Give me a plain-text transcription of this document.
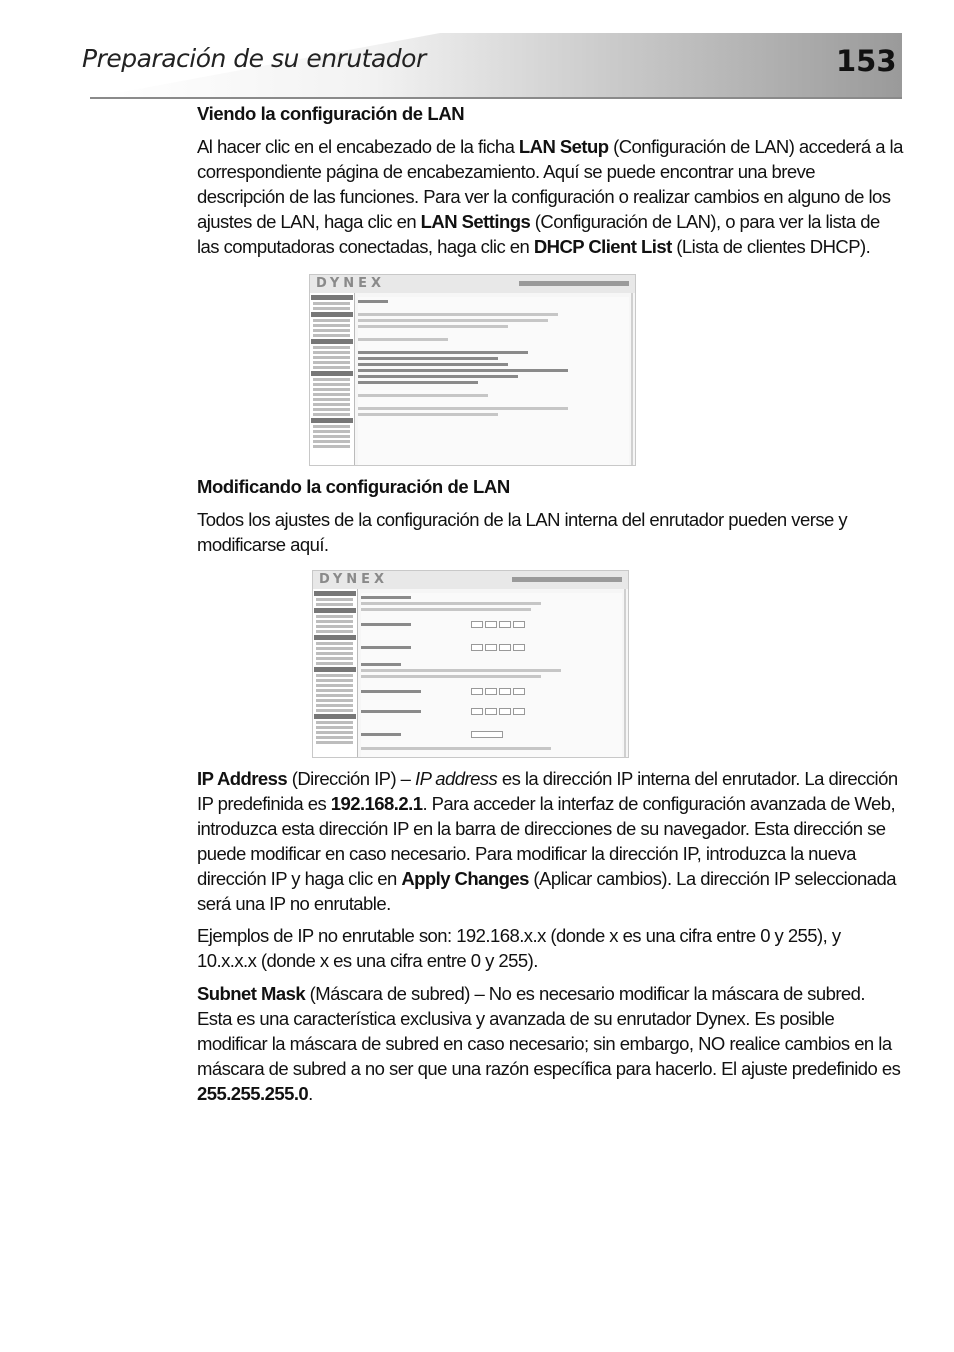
Preparación de su enrutador	153
Viendo la configuración de LAN

Al hacer clic en el encabezado de la ficha LAN Setup (Configuración de LAN) accederá a la correspondiente página de encabezamiento. Aquí se puede encontrar una breve descripción de las funciones. Para ver la configuración o realizar cambios en alguno de los ajustes de LAN, haga clic en LAN Settings (Configuración de LAN), o para ver la lista de las computadoras conectadas, haga clic en DHCP Client List (Lista de clientes DHCP).

DYNEX
Modificando la configuración de LAN

Todos los ajustes de la configuración de la LAN interna del enrutador pueden verse y modificarse aquí.

DYNEX

IP Address (Dirección IP) – IP address es la dirección IP interna del enrutador. La dirección IP predefinida es 192.168.2.1. Para acceder la interfaz de configuración avanzada de Web, introduzca esta dirección IP en la barra de direcciones de su navegador. Esta dirección se puede modificar en caso necesario. Para modificar la dirección IP, introduzca la nueva dirección IP y haga clic en Apply Changes (Aplicar cambios). La dirección IP seleccionada será una IP no enrutable.

Ejemplos de IP no enrutable son: 192.168.x.x (donde x es una cifra entre 0 y 255), y 10.x.x.x (donde x es una cifra entre 0 y 255).

Subnet Mask (Máscara de subred) – No es necesario modificar la máscara de subred. Esta es una característica exclusiva y avanzada de su enrutador Dynex. Es posible modificar la máscara de subred en caso necesario; sin embargo, NO realice cambios en la máscara de subred a no ser que una razón específica para hacerlo. El ajuste predefinido es 255.255.255.0.
